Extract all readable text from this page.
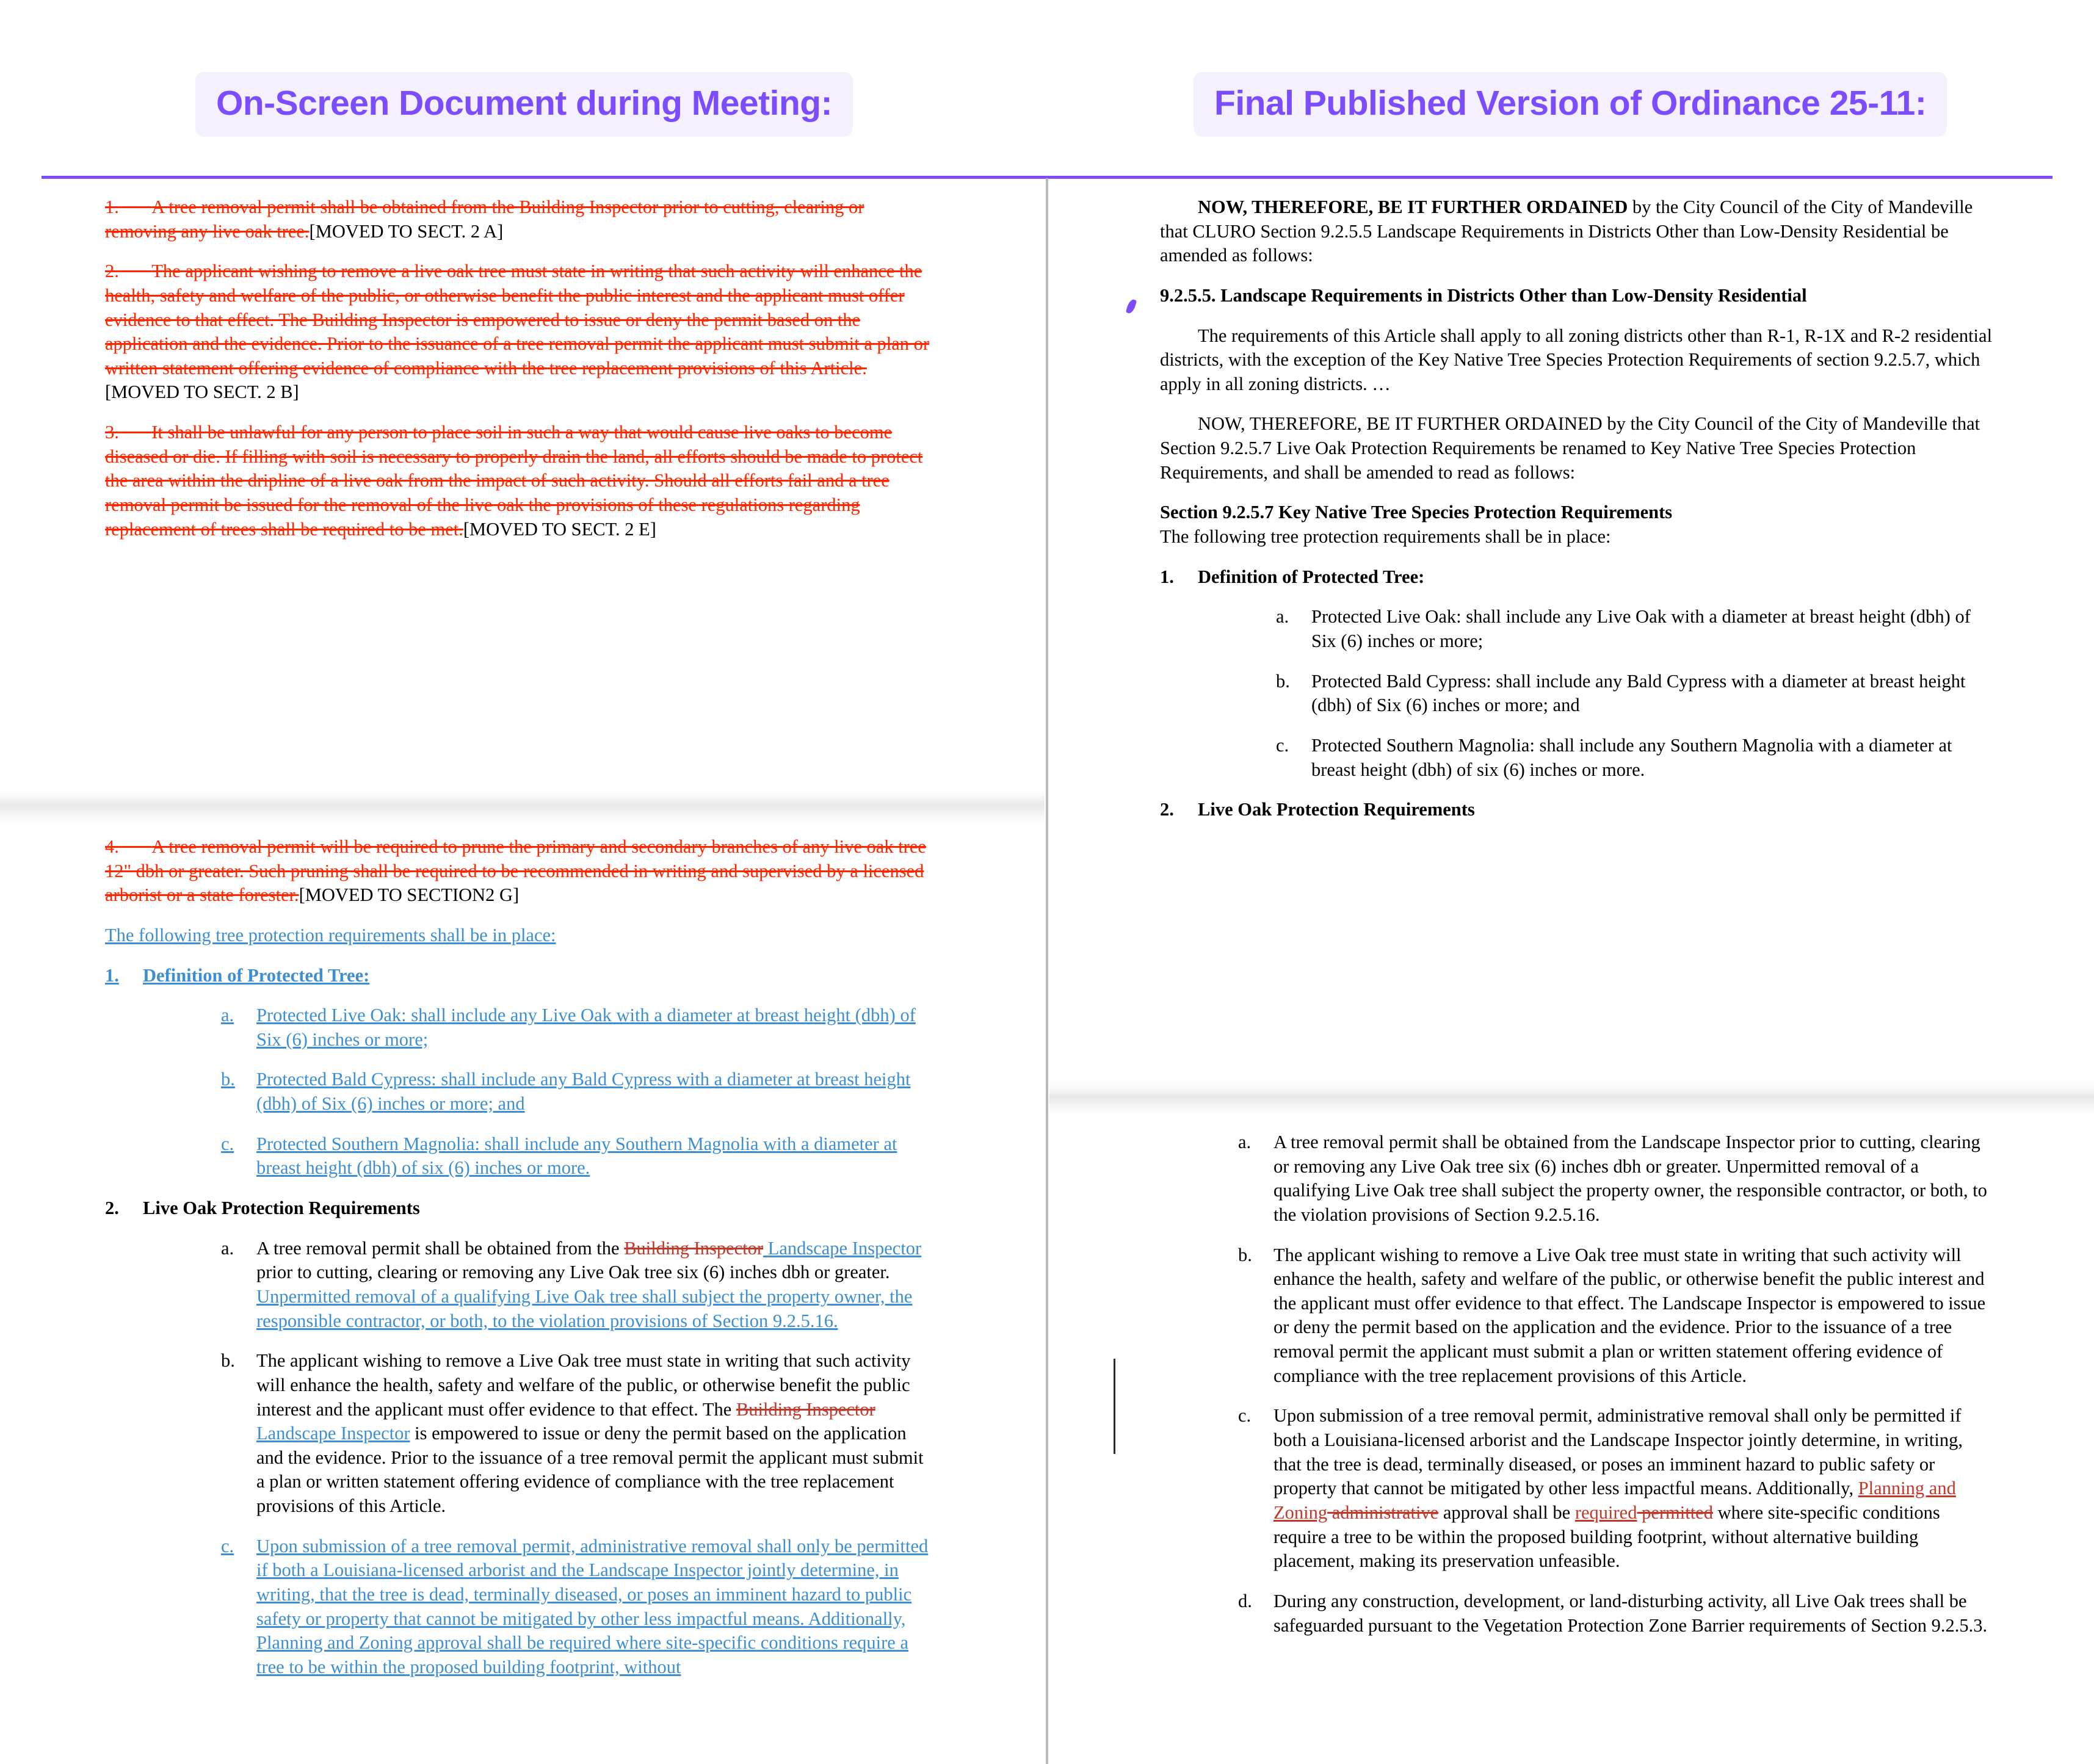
On-Screen Document during Meeting:	Final Published Version of Ordinance 25-11:

1. A tree removal permit shall be obtained from the Building Inspector prior to cutting, clearing or removing any live oak tree.[MOVED TO SECT. 2 A]

2. The applicant wishing to remove a live oak tree must state in writing that such activity will enhance the health, safety and welfare of the public, or otherwise benefit the public interest and the applicant must offer evidence to that effect. The Building Inspector is empowered to issue or deny the permit based on the application and the evidence. Prior to the issuance of a tree removal permit the applicant must submit a plan or written statement offering evidence of compliance with the tree replacement provisions of this Article.[MOVED TO SECT. 2 B]

3. It shall be unlawful for any person to place soil in such a way that would cause live oaks to become diseased or die. If filling with soil is necessary to properly drain the land, all efforts should be made to protect the area within the dripline of a live oak from the impact of such activity. Should all efforts fail and a tree removal permit be issued for the removal of the live oak the provisions of these regulations regarding replacement of trees shall be required to be met.[MOVED TO SECT. 2 E]

4. A tree removal permit will be required to prune the primary and secondary branches of any live oak tree 12" dbh or greater. Such pruning shall be required to be recommended in writing and supervised by a licensed arborist or a state forester.[MOVED TO SECTION2 G]

The following tree protection requirements shall be in place:

1. Definition of Protected Tree:
a. Protected Live Oak: shall include any Live Oak with a diameter at breast height (dbh) of Six (6) inches or more;
b. Protected Bald Cypress: shall include any Bald Cypress with a diameter at breast height (dbh) of Six (6) inches or more; and
c. Protected Southern Magnolia: shall include any Southern Magnolia with a diameter at breast height (dbh) of six (6) inches or more.
2. Live Oak Protection Requirements
a. A tree removal permit shall be obtained from the Building Inspector Landscape Inspector prior to cutting, clearing or removing any Live Oak tree six (6) inches dbh or greater. Unpermitted removal of a qualifying Live Oak tree shall subject the property owner, the responsible contractor, or both, to the violation provisions of Section 9.2.5.16.
b. The applicant wishing to remove a Live Oak tree must state in writing that such activity will enhance the health, safety and welfare of the public, or otherwise benefit the public interest and the applicant must offer evidence to that effect. The Building Inspector Landscape Inspector is empowered to issue or deny the permit based on the application and the evidence. Prior to the issuance of a tree removal permit the applicant must submit a plan or written statement offering evidence of compliance with the tree replacement provisions of this Article.
c. Upon submission of a tree removal permit, administrative removal shall only be permitted if both a Louisiana-licensed arborist and the Landscape Inspector jointly determine, in writing, that the tree is dead, terminally diseased, or poses an imminent hazard to public safety or property that cannot be mitigated by other less impactful means. Additionally, Planning and Zoning approval shall be required where site-specific conditions require a tree to be within the proposed building footprint, without

NOW, THEREFORE, BE IT FURTHER ORDAINED by the City Council of the City of Mandeville that CLURO Section 9.2.5.5 Landscape Requirements in Districts Other than Low-Density Residential be amended as follows:

9.2.5.5. Landscape Requirements in Districts Other than Low-Density Residential

The requirements of this Article shall apply to all zoning districts other than R-1, R-1X and R-2 residential districts, with the exception of the Key Native Tree Species Protection Requirements of section 9.2.5.7, which apply in all zoning districts. …

NOW, THEREFORE, BE IT FURTHER ORDAINED by the City Council of the City of Mandeville that Section 9.2.5.7 Live Oak Protection Requirements be renamed to Key Native Tree Species Protection Requirements, and shall be amended to read as follows:

Section 9.2.5.7 Key Native Tree Species Protection Requirements

The following tree protection requirements shall be in place:

1. Definition of Protected Tree:
a. Protected Live Oak: shall include any Live Oak with a diameter at breast height (dbh) of Six (6) inches or more;
b. Protected Bald Cypress: shall include any Bald Cypress with a diameter at breast height (dbh) of Six (6) inches or more; and
c. Protected Southern Magnolia: shall include any Southern Magnolia with a diameter at breast height (dbh) of six (6) inches or more.
2. Live Oak Protection Requirements
a. A tree removal permit shall be obtained from the Landscape Inspector prior to cutting, clearing or removing any Live Oak tree six (6) inches dbh or greater. Unpermitted removal of a qualifying Live Oak tree shall subject the property owner, the responsible contractor, or both, to the violation provisions of Section 9.2.5.16.
b. The applicant wishing to remove a Live Oak tree must state in writing that such activity will enhance the health, safety and welfare of the public, or otherwise benefit the public interest and the applicant must offer evidence to that effect. The Landscape Inspector is empowered to issue or deny the permit based on the application and the evidence. Prior to the issuance of a tree removal permit the applicant must submit a plan or written statement offering evidence of compliance with the tree replacement provisions of this Article.
c. Upon submission of a tree removal permit, administrative removal shall only be permitted if both a Louisiana-licensed arborist and the Landscape Inspector jointly determine, in writing, that the tree is dead, terminally diseased, or poses an imminent hazard to public safety or property that cannot be mitigated by other less impactful means. Additionally, Planning and Zoning administrative approval shall be required permitted where site-specific conditions require a tree to be within the proposed building footprint, without alternative building placement, making its preservation unfeasible.
d. During any construction, development, or land-disturbing activity, all Live Oak trees shall be safeguarded pursuant to the Vegetation Protection Zone Barrier requirements of Section 9.2.5.3.
